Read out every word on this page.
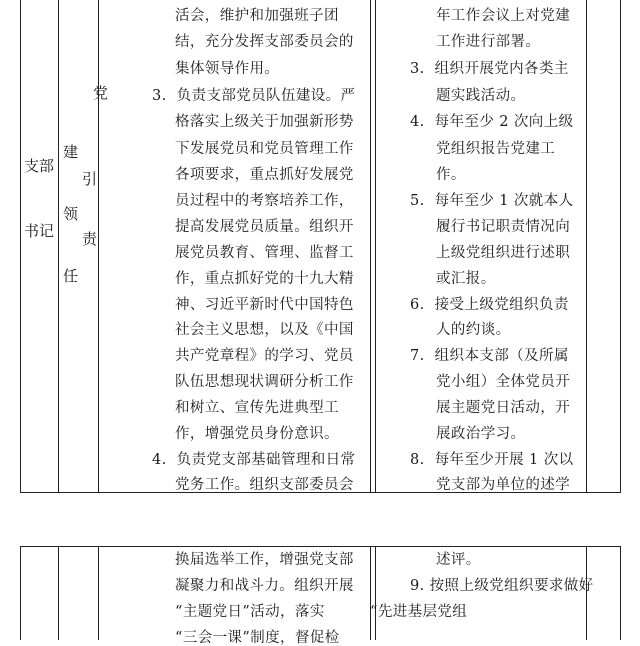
支部

书记

建

领

任

引

责

党
活会，维护和加强班子团
结，充分发挥支部委员会的
集体领导作用。
3.  负责支部党员队伍建设。严
格落实上级关于加强新形势
下发展党员和党员管理工作
各项要求，重点抓好发展党
员过程中的考察培养工作，
提高发展党员质量。组织开
展党员教育、管理、监督工
作，重点抓好党的十九大精
神、习近平新时代中国特色
社会主义思想，以及《中国
共产党章程》的学习、党员
队伍思想现状调研分析工作
和树立、宣传先进典型工
作，增强党员身份意识。
4.  负责党支部基础管理和日常
党务工作。组织支部委员会
年工作会议上对党建
工作进行部署。
3.  组织开展党内各类主
题实践活动。
4.  每年至少 2 次向上级
党组织报告党建工
作。
5.  每年至少 1 次就本人
履行书记职责情况向
上级党组织进行述职
或汇报。
6.  接受上级党组织负责
人的约谈。
7.  组织本支部（及所属
党小组）全体党员开
展主题党日活动，开
展政治学习。
8.  每年至少开展 1 次以
党支部为单位的述学
换届选举工作，增强党支部
凝聚力和战斗力。组织开展
“主题党日”活动，落实
“三会一课”制度，督促检
述评。
9. 按照上级党组织要求做好
“先进基层党组
